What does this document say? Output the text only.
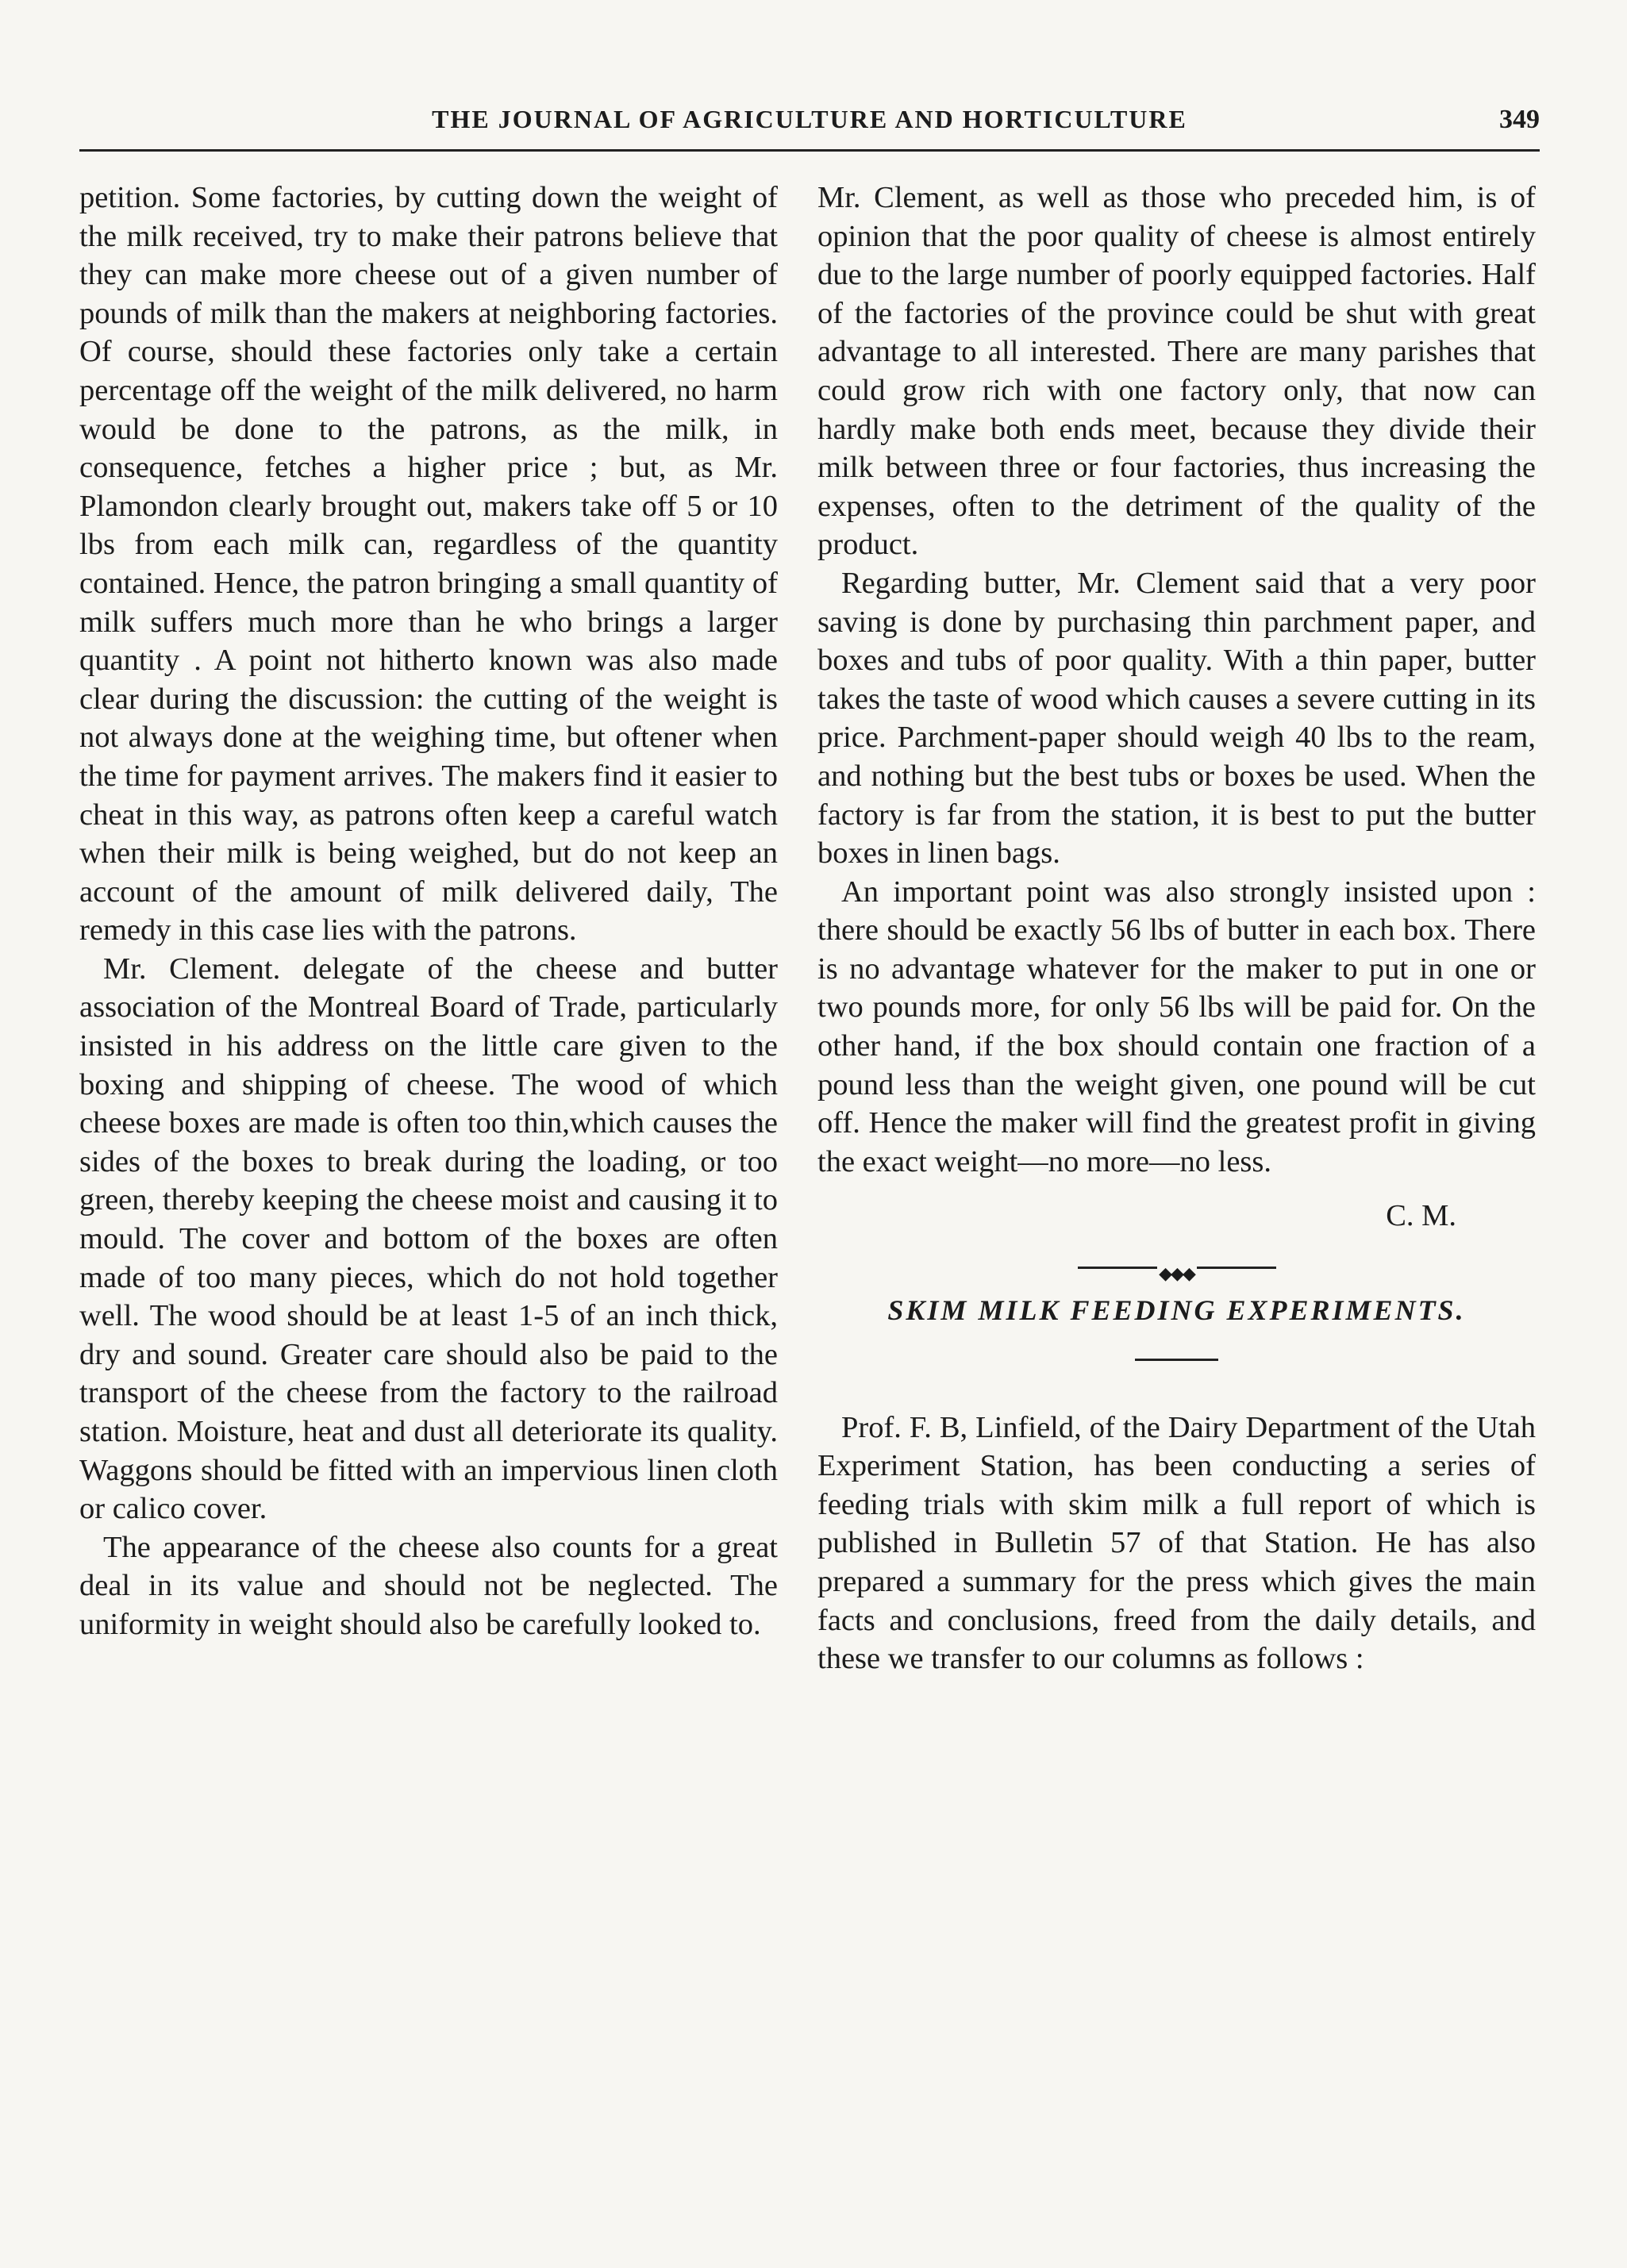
THE JOURNAL OF AGRICULTURE AND HORTICULTURE	349

petition. Some factories, by cutting down the weight of the milk received, try to make their patrons believe that they can make more cheese out of a given number of pounds of milk than the makers at neighboring factories. Of course, should these factories only take a certain percentage off the weight of the milk delivered, no harm would be done to the patrons, as the milk, in consequence, fetches a higher price ; but, as Mr. Plamondon clearly brought out, makers take off 5 or 10 lbs from each milk can, regardless of the quantity contained. Hence, the patron bringing a small quantity of milk suffers much more than he who brings a larger quantity . A point not hitherto known was also made clear during the discussion: the cutting of the weight is not always done at the weighing time, but oftener when the time for payment arrives. The makers find it easier to cheat in this way, as patrons often keep a careful watch when their milk is being weighed, but do not keep an account of the amount of milk delivered daily, The remedy in this case lies with the patrons.

Mr. Clement. delegate of the cheese and butter association of the Montreal Board of Trade, particularly insisted in his address on the little care given to the boxing and shipping of cheese. The wood of which cheese boxes are made is often too thin,which causes the sides of the boxes to break during the loading, or too green, thereby keeping the cheese moist and causing it to mould. The cover and bottom of the boxes are often made of too many pieces, which do not hold together well. The wood should be at least 1-5 of an inch thick, dry and sound. Greater care should also be paid to the transport of the cheese from the factory to the railroad station. Moisture, heat and dust all deteriorate its quality. Waggons should be fitted with an impervious linen cloth or calico cover.

The appearance of the cheese also counts for a great deal in its value and should not be neglected. The uniformity in weight should also be carefully looked to.

Mr. Clement, as well as those who preceded him, is of opinion that the poor quality of cheese is almost entirely due to the large number of poorly equipped factories. Half of the factories of the province could be shut with great advantage to all interested. There are many parishes that could grow rich with one factory only, that now can hardly make both ends meet, because they divide their milk between three or four factories, thus increasing the expenses, often to the detriment of the quality of the product.

Regarding butter, Mr. Clement said that a very poor saving is done by purchasing thin parchment paper, and boxes and tubs of poor quality. With a thin paper, butter takes the taste of wood which causes a severe cutting in its price. Parchment-paper should weigh 40 lbs to the ream, and nothing but the best tubs or boxes be used. When the factory is far from the station, it is best to put the butter boxes in linen bags.

An important point was also strongly insisted upon : there should be exactly 56 lbs of butter in each box. There is no advantage whatever for the maker to put in one or two pounds more, for only 56 lbs will be paid for. On the other hand, if the box should contain one fraction of a pound less than the weight given, one pound will be cut off. Hence the maker will find the greatest profit in giving the exact weight—no more—no less.

C. M.

◆◆◆

SKIM MILK FEEDING EXPERIMENTS.

Prof. F. B, Linfield, of the Dairy Department of the Utah Experiment Station, has been conducting a series of feeding trials with skim milk a full report of which is published in Bulletin 57 of that Station. He has also prepared a summary for the press which gives the main facts and conclusions, freed from the daily details, and these we transfer to our columns as follows :
